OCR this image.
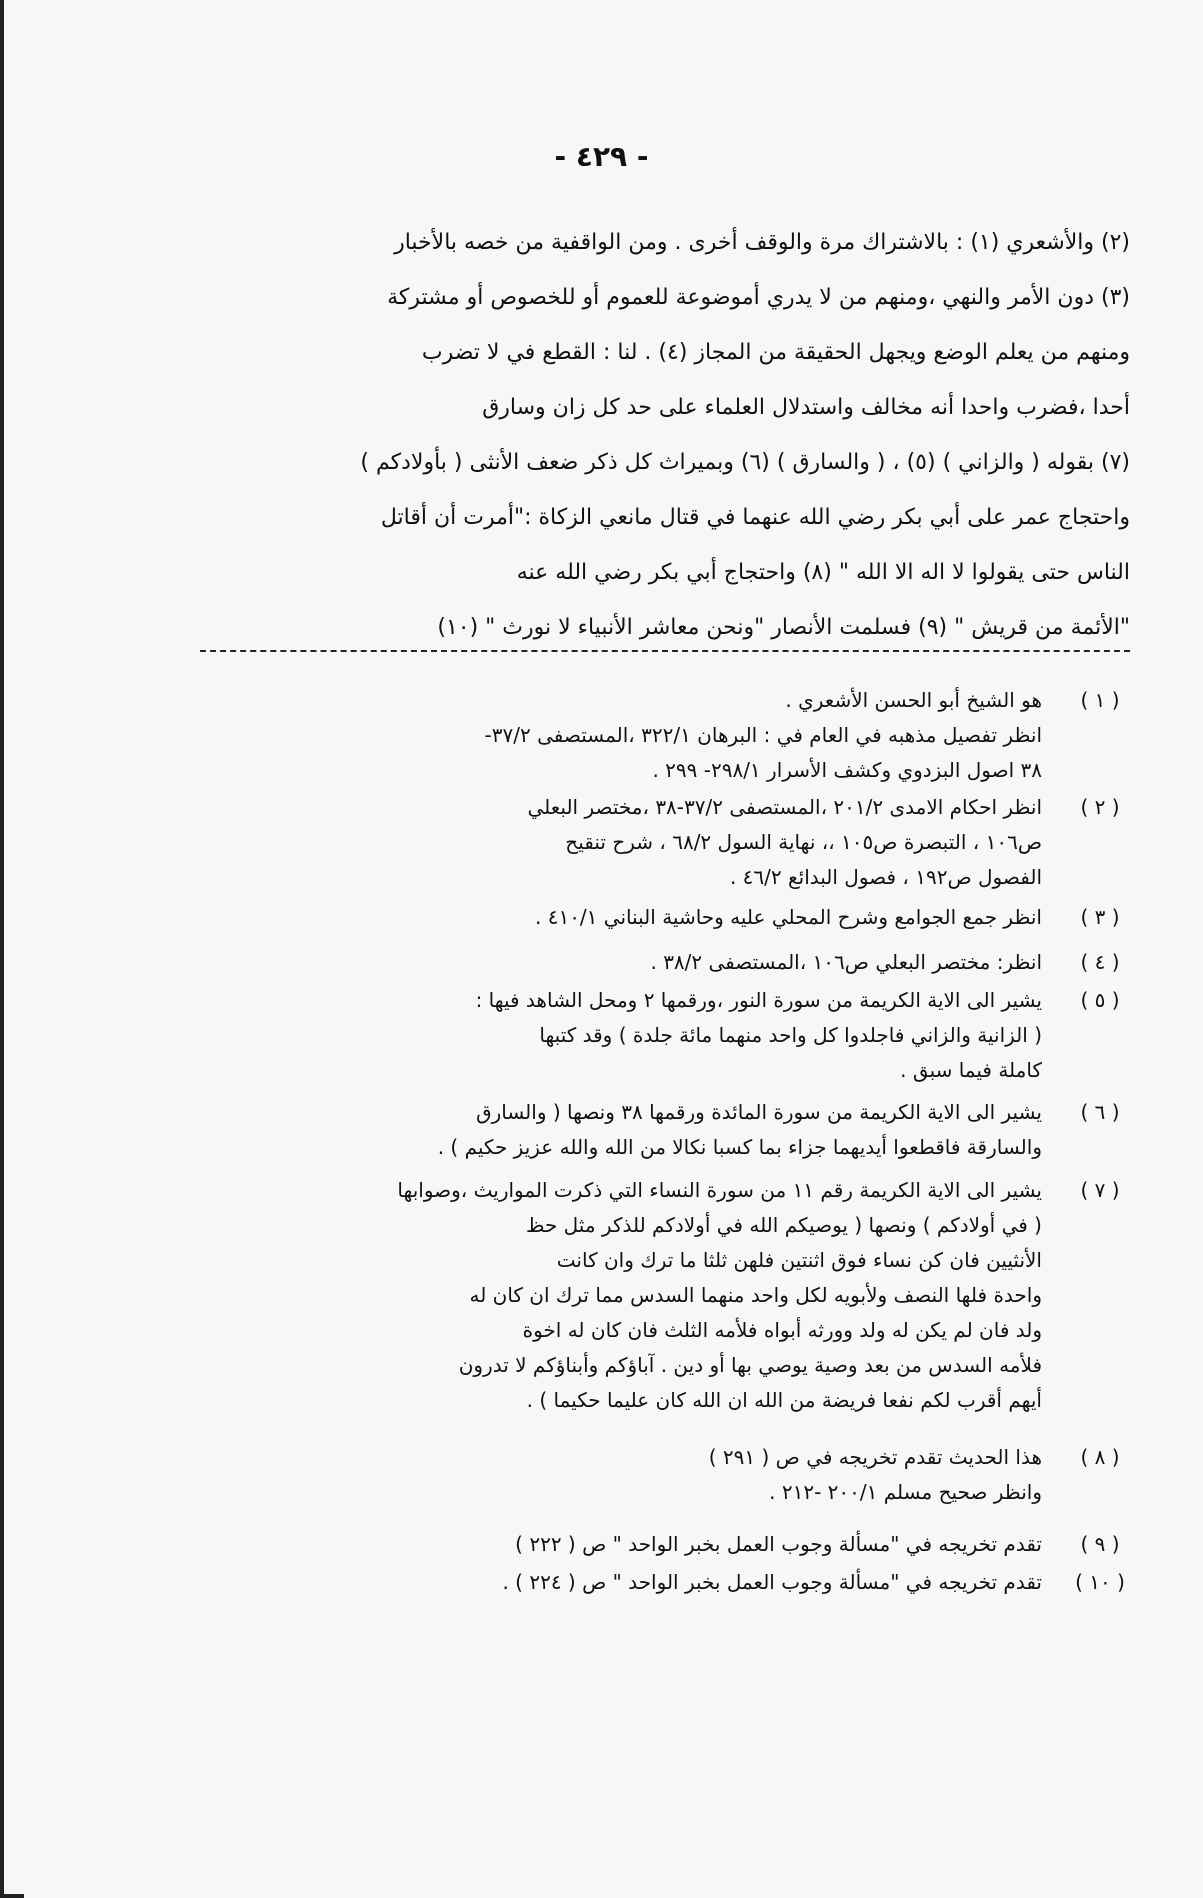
- ٤٢٩ -
(٢) والأشعري (١) : بالاشتراك مرة والوقف أخرى . ومن الواقفية من خصه بالأخبار
(٣) دون الأمر والنهي ،ومنهم من لا يدري أموضوعة للعموم أو للخصوص أو مشتركة
ومنهم من يعلم الوضع ويجهل الحقيقة من المجاز (٤) . لنا : القطع في لا تضرب
أحدا ،فضرب واحدا أنه مخالف واستدلال العلماء على حد كل زان وسارق
(٧) بقوله ( والزاني ) (٥) ، ( والسارق ) (٦) وبميراث كل ذكر ضعف الأنثى ( بأولادكم )
واحتجاج عمر على أبي بكر رضي الله عنهما في قتال مانعي الزكاة :"أمرت أن أقاتل
الناس حتى يقولوا لا اله الا الله " (٨) واحتجاج أبي بكر رضي الله عنه
"الأئمة من قريش " (٩) فسلمت الأنصار "ونحن معاشر الأنبياء لا نورث " (١٠)
( ١ )
هو الشيخ أبو الحسن الأشعري .
انظر تفصيل مذهبه في العام في : البرهان ٣٢٢/١ ،المستصفى ٣٧/٢-
٣٨ اصول البزدوي وكشف الأسرار ٢٩٨/١- ٢٩٩ .
( ٢ )
انظر احكام الامدى ٢٠١/٢ ،المستصفى ٣٧/٢-٣٨ ،مختصر البعلي
ص١٠٦ ، التبصرة ص١٠٥ ،، نهاية السول ٦٨/٢ ، شرح تنقيح
الفصول ص١٩٢ ، فصول البدائع ٤٦/٢ .
( ٣ )
انظر جمع الجوامع وشرح المحلي عليه وحاشية البناني ٤١٠/١ .
( ٤ )
انظر: مختصر البعلي ص١٠٦ ،المستصفى ٣٨/٢ .
( ٥ )
يشير الى الاية الكريمة من سورة النور ،ورقمها ٢ ومحل الشاهد فيها :
( الزانية والزاني فاجلدوا كل واحد منهما مائة جلدة ) وقد كتبها
كاملة فيما سبق .
( ٦ )
يشير الى الاية الكريمة من سورة المائدة ورقمها ٣٨ ونصها ( والسارق
والسارقة فاقطعوا أيديهما جزاء بما كسبا نكالا من الله والله عزيز حكيم ) .
( ٧ )
يشير الى الاية الكريمة رقم ١١ من سورة النساء التي ذكرت المواريث ،وصوابها
( في أولادكم ) ونصها ( يوصيكم الله في أولادكم للذكر مثل حظ
الأنثيين فان كن نساء فوق اثنتين فلهن ثلثا ما ترك وان كانت
واحدة فلها النصف ولأبويه لكل واحد منهما السدس مما ترك ان كان له
ولد فان لم يكن له ولد وورثه أبواه فلأمه الثلث فان كان له اخوة
فلأمه السدس من بعد وصية يوصي بها أو دين . آباؤكم وأبناؤكم لا تدرون
أيهم أقرب لكم نفعا فريضة من الله ان الله كان عليما حكيما ) .
( ٨ )
هذا الحديث تقدم تخريجه في ص ( ٢٩١ )
وانظر صحيح مسلم ٢٠٠/١ -٢١٢ .
( ٩ )
تقدم تخريجه في "مسألة وجوب العمل بخبر الواحد " ص ( ٢٢٢ )
( ١٠ )
تقدم تخريجه في "مسألة وجوب العمل بخبر الواحد " ص ( ٢٢٤ ) .
